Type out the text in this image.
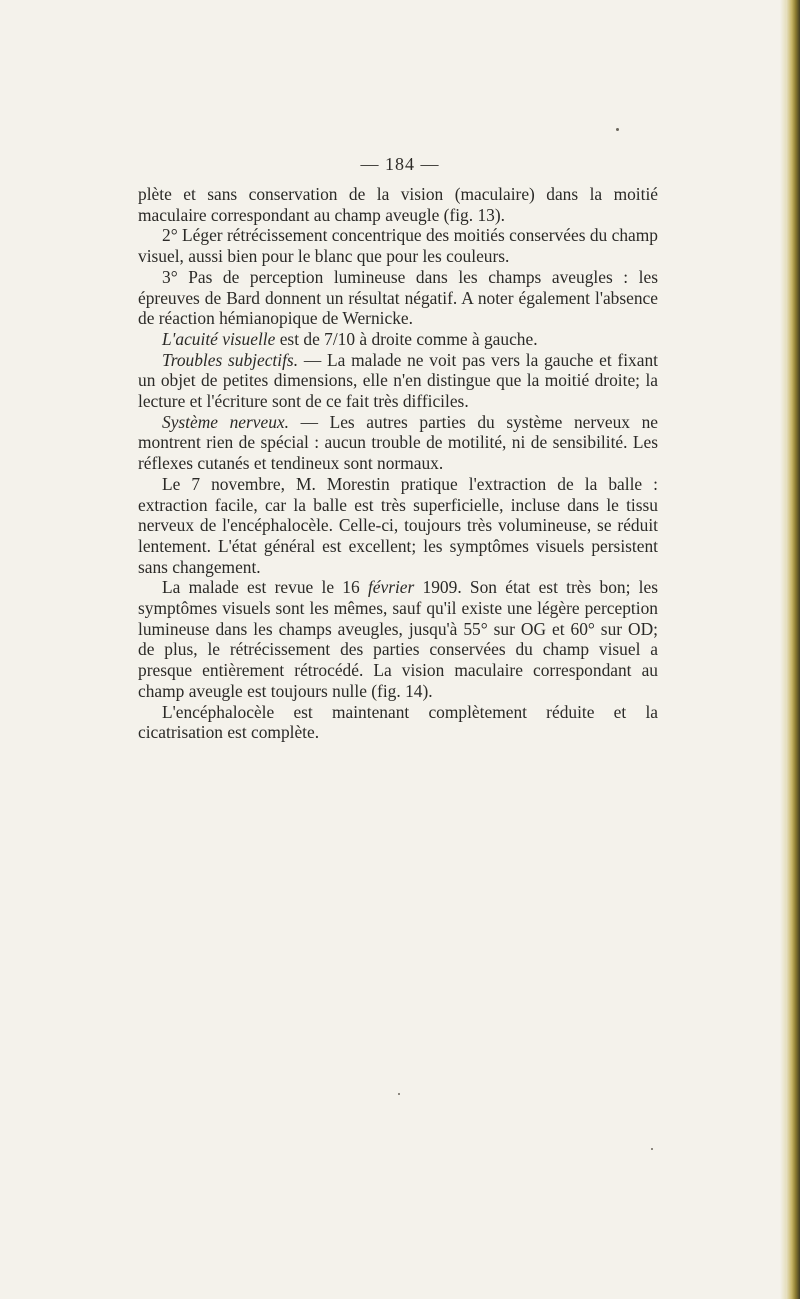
— 184 —

plète et sans conservation de la vision (maculaire) dans la moitié maculaire correspondant au champ aveugle (fig. 13).

2° Léger rétrécissement concentrique des moitiés conservées du champ visuel, aussi bien pour le blanc que pour les couleurs.

3° Pas de perception lumineuse dans les champs aveugles : les épreuves de Bard donnent un résultat négatif. A noter également l'absence de réaction hémianopique de Wernicke.

L'acuité visuelle est de 7/10 à droite comme à gauche.

Troubles subjectifs. — La malade ne voit pas vers la gauche et fixant un objet de petites dimensions, elle n'en distingue que la moitié droite; la lecture et l'écriture sont de ce fait très difficiles.

Système nerveux. — Les autres parties du système nerveux ne montrent rien de spécial : aucun trouble de motilité, ni de sensibilité. Les réflexes cutanés et tendineux sont normaux.

Le 7 novembre, M. Morestin pratique l'extraction de la balle : extraction facile, car la balle est très superficielle, incluse dans le tissu nerveux de l'encéphalocèle. Celle-ci, toujours très volumineuse, se réduit lentement. L'état général est excellent; les symptômes visuels persistent sans changement.

La malade est revue le 16 février 1909. Son état est très bon; les symptômes visuels sont les mêmes, sauf qu'il existe une légère perception lumineuse dans les champs aveugles, jusqu'à 55° sur OG et 60° sur OD; de plus, le rétrécissement des parties conservées du champ visuel a presque entièrement rétrocédé. La vision maculaire correspondant au champ aveugle est toujours nulle (fig. 14).

L'encéphalocèle est maintenant complètement réduite et la cicatrisation est complète.
